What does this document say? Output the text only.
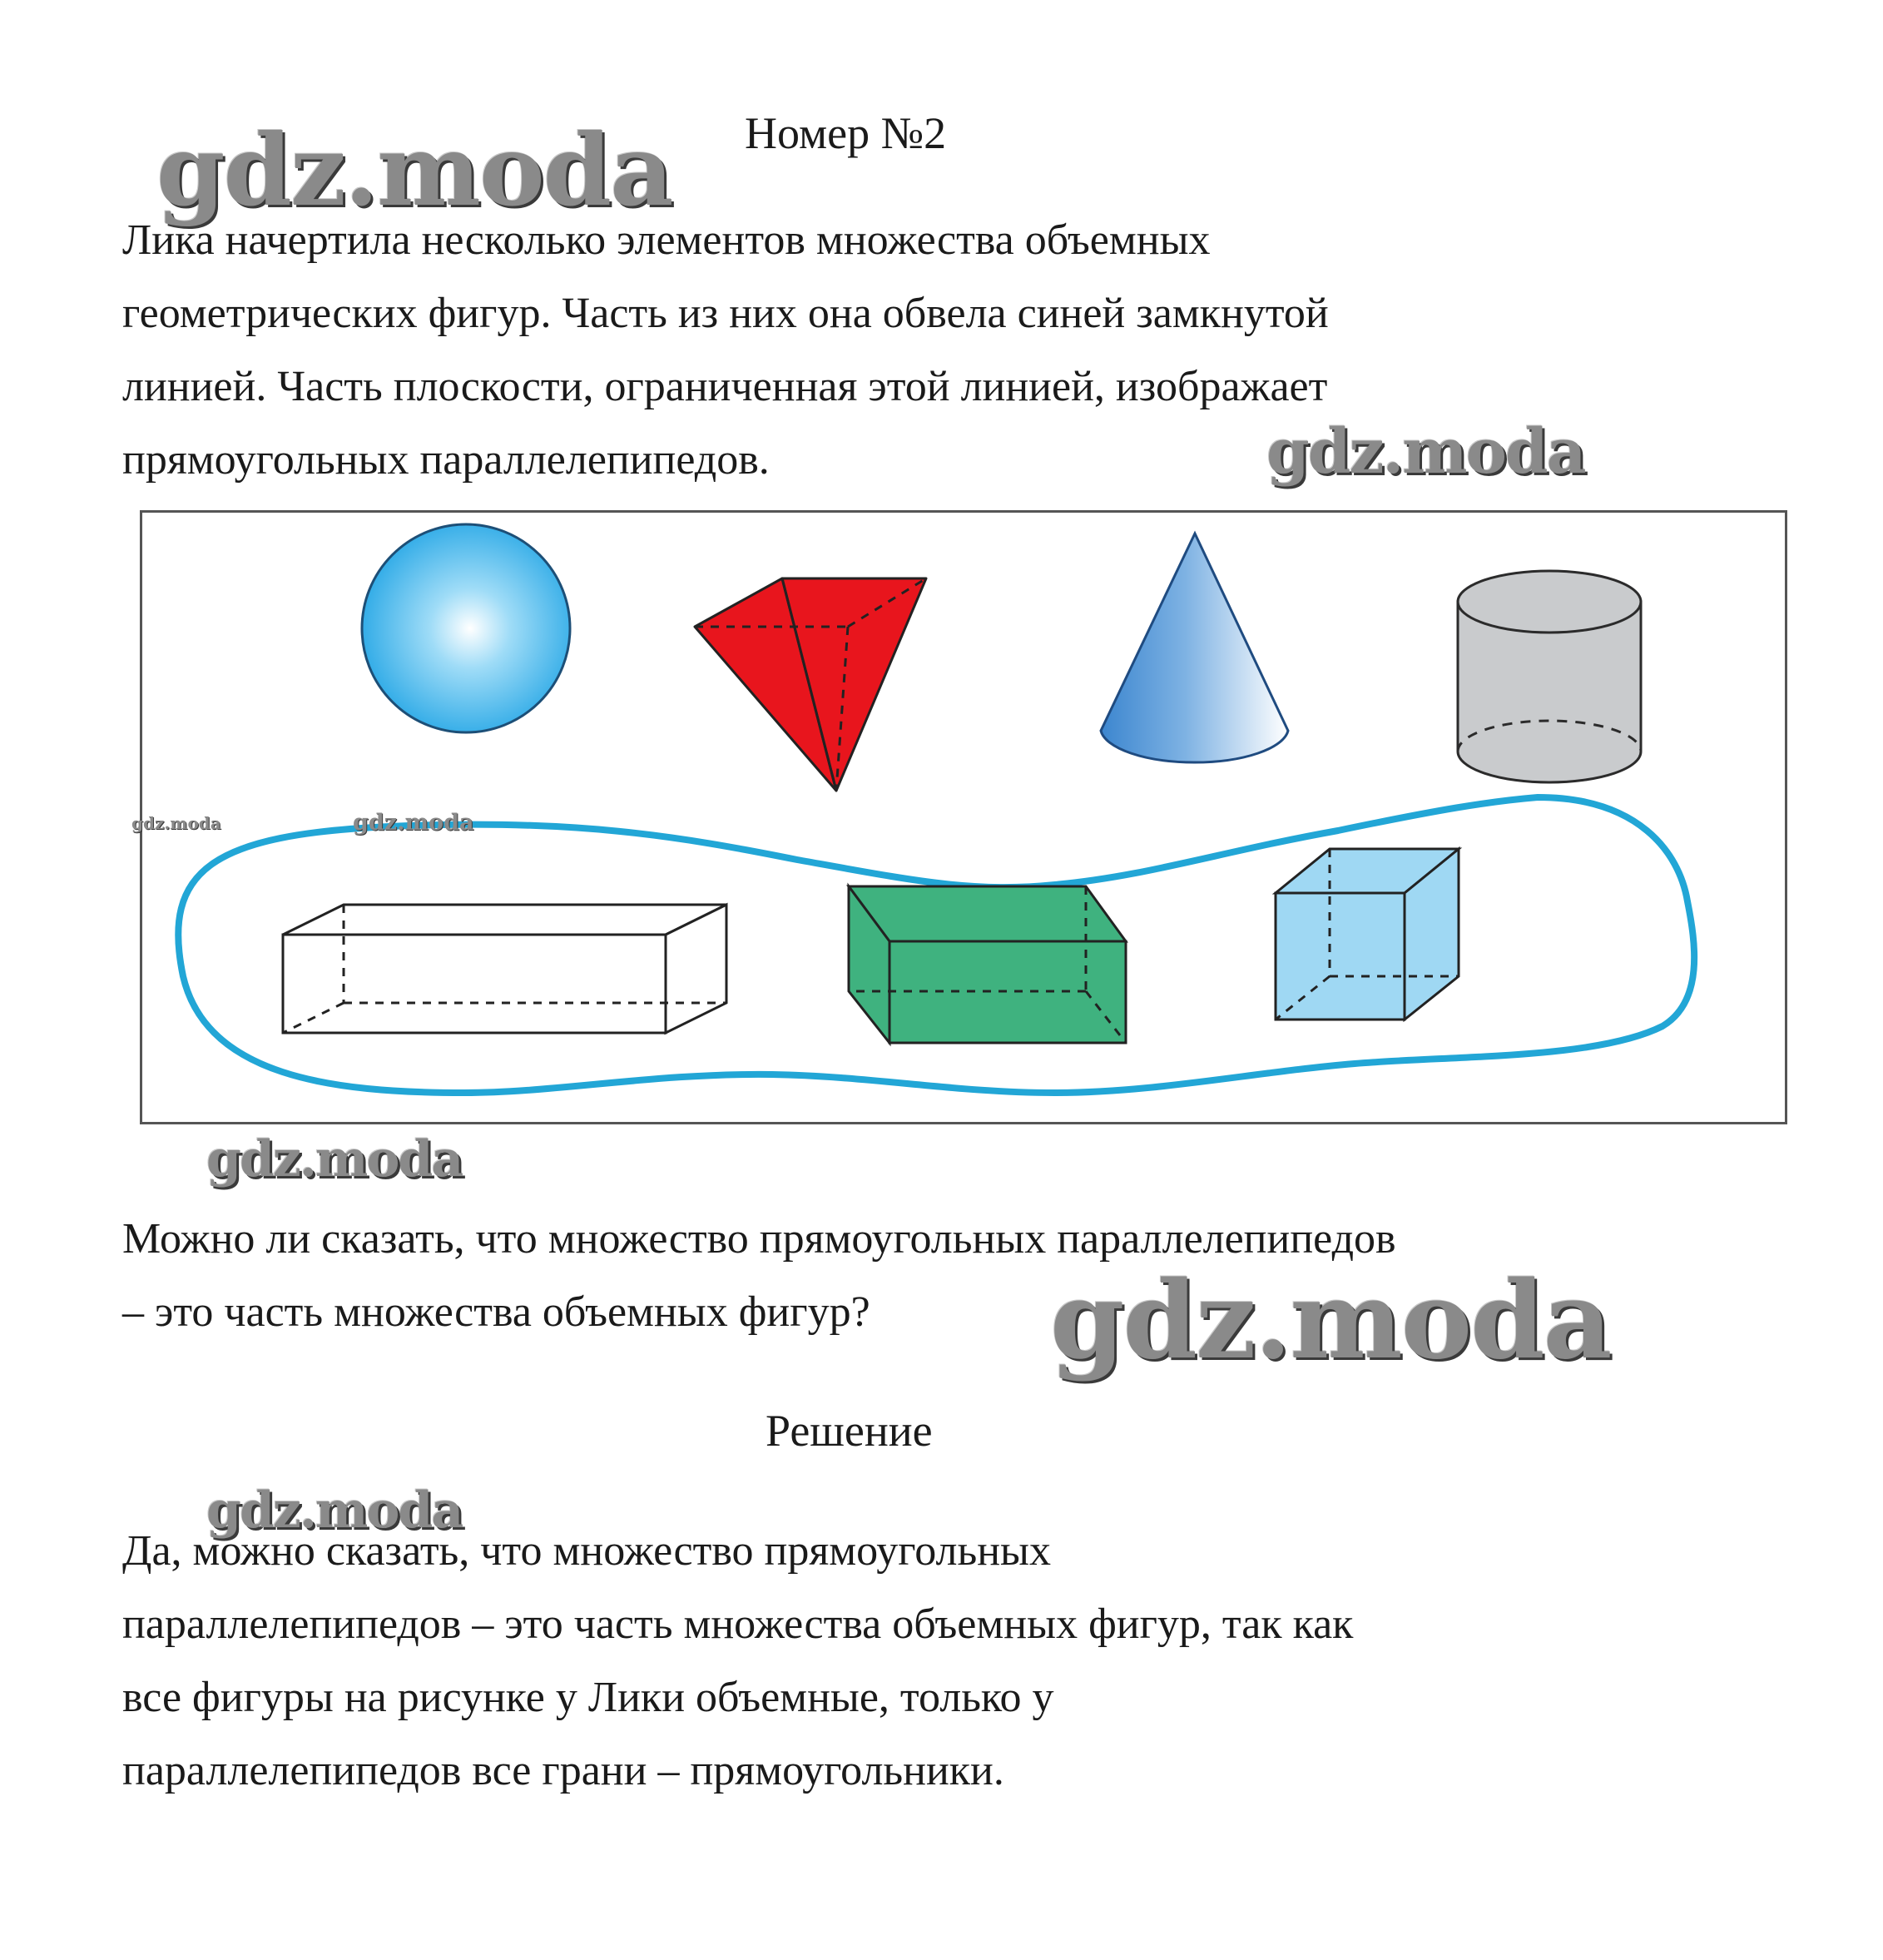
gdz.moda
gdz.moda
gdz.moda
gdz.moda
gdz.moda
Номер №2
Лика начертила несколько элементов множества объемных
геометрических фигур. Часть из них она обвела синей замкнутой
линией. Часть плоскости, ограниченная этой линией, изображает
прямоугольных параллелепипедов.
gdz.moda	gdz.moda
Можно ли сказать, что множество прямоугольных параллелепипедов
– это часть множества объемных фигур?
Решение
Да, можно сказать, что множество прямоугольных
параллелепипедов – это часть множества объемных фигур, так как
все фигуры на рисунке у Лики объемные, только у
параллелепипедов все грани – прямоугольники.
